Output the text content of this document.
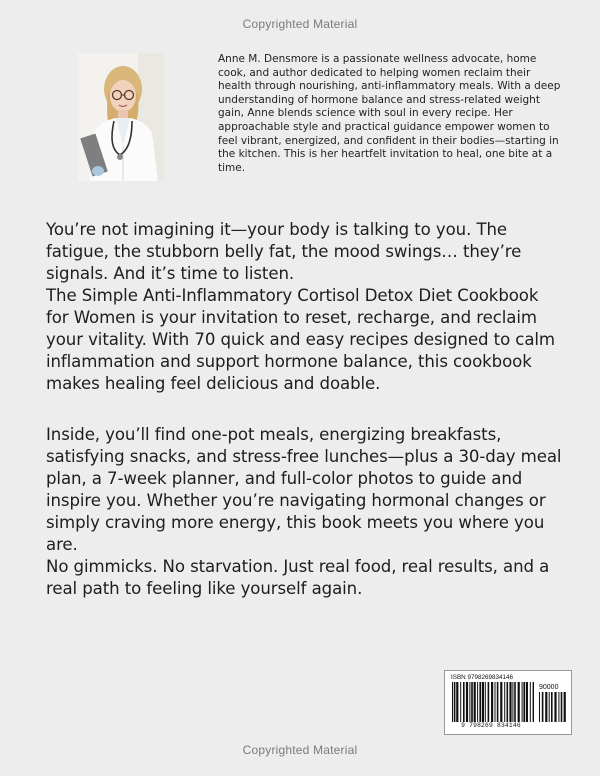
Copyrighted Material
Anne M. Densmore is a passionate wellness advocate, home cook, and author dedicated to helping women reclaim their health through nourishing, anti-inflammatory meals. With a deep understanding of hormone balance and stress-related weight gain, Anne blends science with soul in every recipe. Her approachable style and practical guidance empower women to feel vibrant, energized, and confident in their bodies—starting in the kitchen. This is her heartfelt invitation to heal, one bite at a time.

You’re not imagining it—your body is talking to you. The fatigue, the stubborn belly fat, the mood swings… they’re signals. And it’s time to listen.

The Simple Anti-Inflammatory Cortisol Detox Diet Cookbook for Women is your invitation to reset, recharge, and reclaim your vitality. With 70 quick and easy recipes designed to calm inflammation and support hormone balance, this cookbook makes healing feel delicious and doable.

Inside, you’ll find one-pot meals, energizing breakfasts, satisfying snacks, and stress-free lunches—plus a 30-day meal plan, a 7-week planner, and full-color photos to guide and inspire you. Whether you’re navigating hormonal changes or simply craving more energy, this book meets you where you are.

No gimmicks. No starvation. Just real food, real results, and a real path to feeling like yourself again.

ISBN 9798269834146
90000
9 798269 834146
Copyrighted Material
